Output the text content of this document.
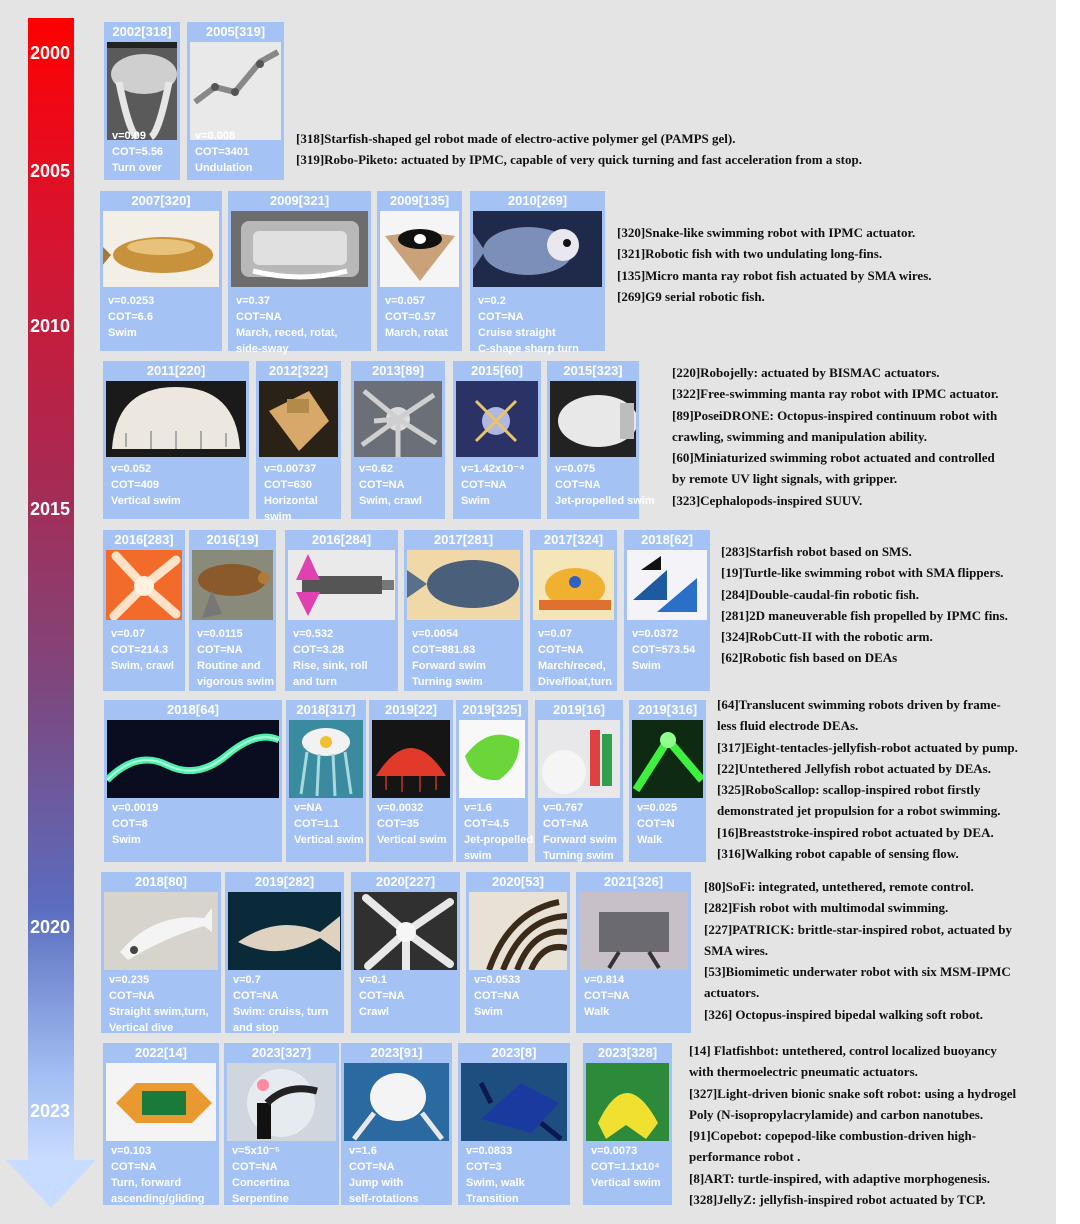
2000
2005
2010
2015
2020
2023
2002[318]
v=0.09
COT=5.56
Turn over
2005[319]
v=0.008
COT=3401
Undulation
[318]Starfish-shaped gel robot made of electro-active polymer gel (PAMPS gel).
[319]Robo-Piketo: actuated by IPMC, capable of very quick turning and fast acceleration from a stop.
2007[320]
v=0.0253
COT=6.6
Swim
2009[321]
v=0.37
COT=NA
March, reced, rotat,
side-sway
2009[135]
v=0.057
COT=0.57
March, rotat
2010[269]
v=0.2
COT=NA
Cruise straight
C-shape sharp turn
[320]Snake-like swimming robot with IPMC actuator.
[321]Robotic fish with two undulating long-fins.
[135]Micro manta ray robot fish actuated by SMA wires.
[269]G9 serial robotic fish.
2011[220]
v=0.052
COT=409
Vertical swim
2012[322]
v=0.00737
COT=630
Horizontal
swim
2013[89]
v=0.62
COT=NA
Swim, crawl
2015[60]
v=1.42x10⁻⁴
COT=NA
Swim
2015[323]
v=0.075
COT=NA
Jet-propelled swim
[220]Robojelly: actuated by BISMAC actuators.
[322]Free-swimming manta ray robot with IPMC actuator.
[89]PoseiDRONE: Octopus-inspired continuum robot with
crawling, swimming and manipulation ability.
[60]Miniaturized swimming robot actuated and controlled
by remote UV light signals, with gripper.
[323]Cephalopods-inspired SUUV.
2016[283]
v=0.07
COT=214.3
Swim, crawl
2016[19]
v=0.0115
COT=NA
Routine and
vigorous swim
2016[284]
v=0.532
COT=3.28
Rise, sink, roll
and turn
2017[281]
v=0.0054
COT=881.83
Forward swim
Turning swim
2017[324]
v=0.07
COT=NA
March/reced,
Dive/float,turn
2018[62]
v=0.0372
COT=573.54
Swim
[283]Starfish robot based on SMS.
[19]Turtle-like swimming robot with SMA flippers.
[284]Double-caudal-fin robotic fish.
[281]2D maneuverable fish propelled by IPMC fins.
[324]RobCutt-II with the robotic arm.
[62]Robotic fish based on DEAs
2018[64]
v=0.0019
COT=8
Swim
2018[317]
v=NA
COT=1.1
Vertical swim
2019[22]
v=0.0032
COT=35
Vertical swim
2019[325]
v=1.6
COT=4.5
Jet-propelled
swim
2019[16]
v=0.767
COT=NA
Forward swim
Turning swim
2019[316]
v=0.025
COT=N
Walk
[64]Translucent swimming robots driven by frame-
less fluid electrode DEAs.
[317]Eight-tentacles-jellyfish-robot actuated by pump.
[22]Untethered Jellyfish robot actuated by DEAs.
[325]RoboScallop: scallop-inspired robot firstly
demonstrated jet propulsion for a robot swimming.
[16]Breaststroke-inspired robot actuated by DEA.
[316]Walking robot capable of sensing flow.
2018[80]
v=0.235
COT=NA
Straight swim,turn,
Vertical dive
2019[282]
v=0.7
COT=NA
Swim: cruiss, turn
and stop
2020[227]
v=0.1
COT=NA
Crawl
2020[53]
v=0.0533
COT=NA
Swim
2021[326]
v=0.814
COT=NA
Walk
[80]SoFi: integrated, untethered, remote control.
[282]Fish robot with multimodal swimming.
[227]PATRICK: brittle-star-inspired robot, actuated by
SMA wires.
[53]Biomimetic underwater robot with six MSM-IPMC
actuators.
[326] Octopus-inspired bipedal walking soft robot.
2022[14]
v=0.103
COT=NA
Turn, forward
ascending/gliding
2023[327]
v=5x10⁻⁵
COT=NA
Concertina
Serpentine
2023[91]
v=1.6
COT=NA
Jump with
self-rotations
2023[8]
v=0.0833
COT=3
Swim, walk
Transition
2023[328]
v=0.0073
COT=1.1x10⁴
Vertical swim
[14] Flatfishbot: untethered, control localized buoyancy
with thermoelectric pneumatic actuators.
[327]Light-driven bionic snake soft robot: using a hydrogel
Poly (N-isopropylacrylamide) and carbon nanotubes.
[91]Copebot: copepod-like combustion-driven high-
performance robot .
[8]ART: turtle-inspired, with adaptive morphogenesis.
[328]JellyZ: jellyfish-inspired robot actuated by TCP.
